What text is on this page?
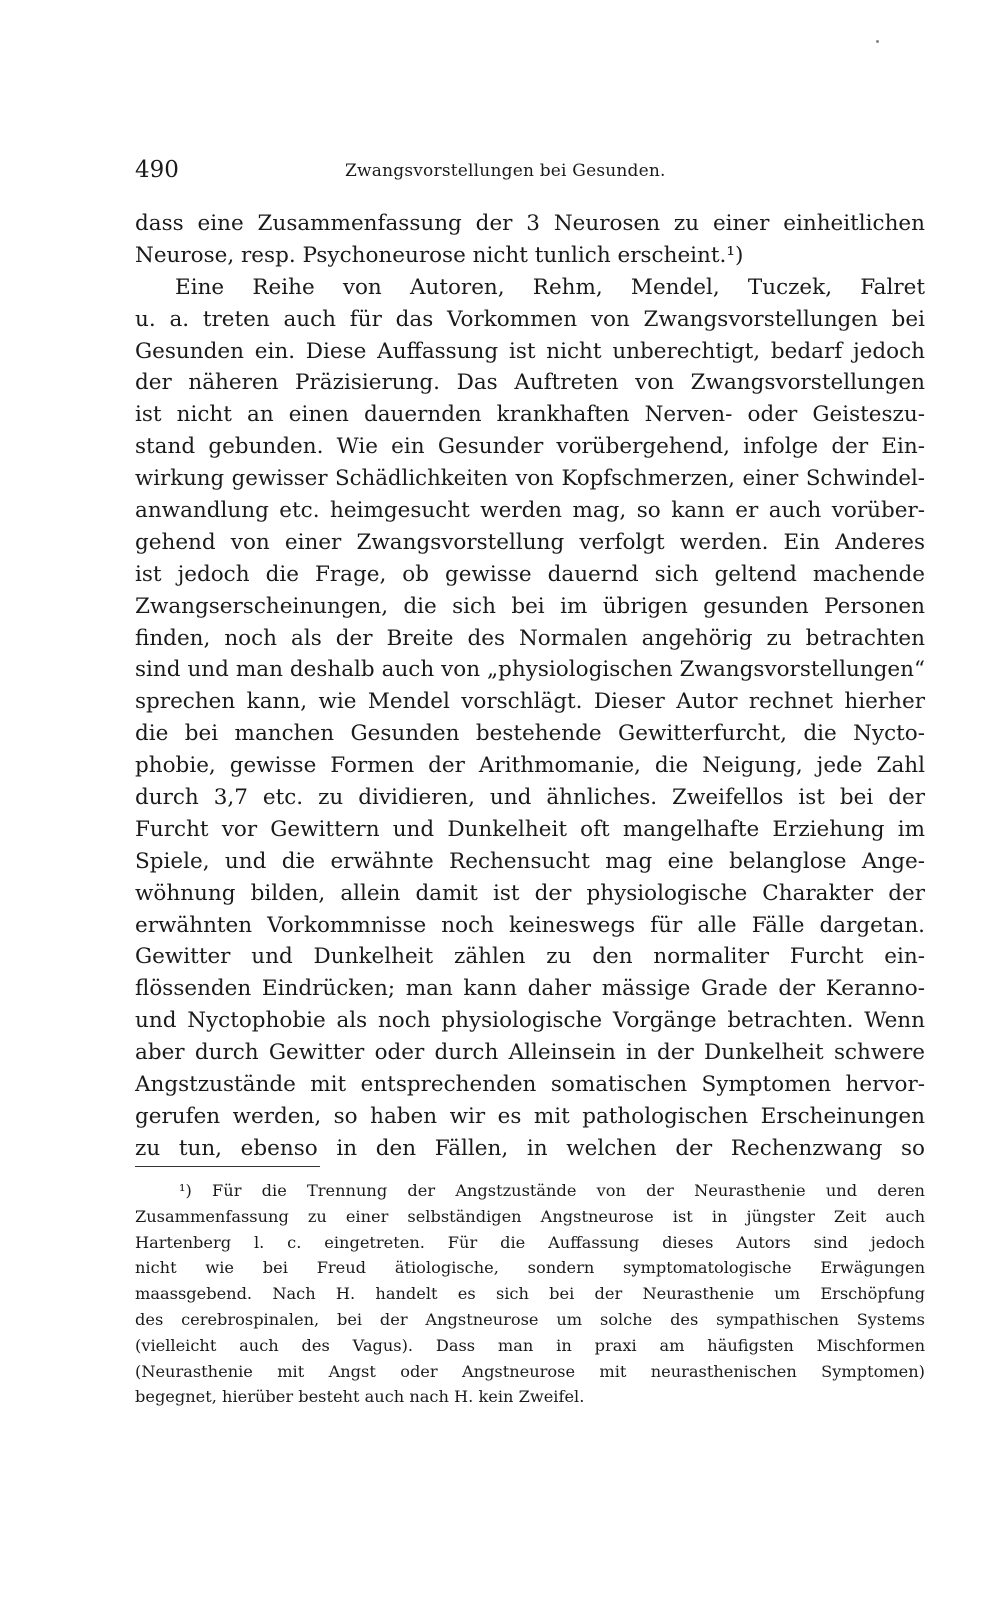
490	Zwangsvorstellungen bei Gesunden.
dass eine Zusammenfassung der 3 Neurosen zu einer einheitlichen
Neurose, resp. Psychoneurose nicht tunlich erscheint.¹)
Eine Reihe von Autoren, Rehm, Mendel, Tuczek, Falret
u. a. treten auch für das Vorkommen von Zwangsvorstellungen bei
Gesunden ein. Diese Auffassung ist nicht unberechtigt, bedarf jedoch
der näheren Präzisierung. Das Auftreten von Zwangsvorstellungen
ist nicht an einen dauernden krankhaften Nerven- oder Geisteszu-
stand gebunden. Wie ein Gesunder vorübergehend, infolge der Ein-
wirkung gewisser Schädlichkeiten von Kopfschmerzen, einer Schwindel-
anwandlung etc. heimgesucht werden mag, so kann er auch vorüber-
gehend von einer Zwangsvorstellung verfolgt werden. Ein Anderes
ist jedoch die Frage, ob gewisse dauernd sich geltend machende
Zwangserscheinungen, die sich bei im übrigen gesunden Personen
finden, noch als der Breite des Normalen angehörig zu betrachten
sind und man deshalb auch von „physiologischen Zwangsvorstellungen“
sprechen kann, wie Mendel vorschlägt. Dieser Autor rechnet hierher
die bei manchen Gesunden bestehende Gewitterfurcht, die Nycto-
phobie, gewisse Formen der Arithmomanie, die Neigung, jede Zahl
durch 3,7 etc. zu dividieren, und ähnliches. Zweifellos ist bei der
Furcht vor Gewittern und Dunkelheit oft mangelhafte Erziehung im
Spiele, und die erwähnte Rechensucht mag eine belanglose Ange-
wöhnung bilden, allein damit ist der physiologische Charakter der
erwähnten Vorkommnisse noch keineswegs für alle Fälle dargetan.
Gewitter und Dunkelheit zählen zu den normaliter Furcht ein-
flössenden Eindrücken; man kann daher mässige Grade der Keranno-
und Nyctophobie als noch physiologische Vorgänge betrachten. Wenn
aber durch Gewitter oder durch Alleinsein in der Dunkelheit schwere
Angstzustände mit entsprechenden somatischen Symptomen hervor-
gerufen werden, so haben wir es mit pathologischen Erscheinungen
zu tun, ebenso in den Fällen, in welchen der Rechenzwang so
¹) Für die Trennung der Angstzustände von der Neurasthenie und deren
Zusammenfassung zu einer selbständigen Angstneurose ist in jüngster Zeit auch
Hartenberg l. c. eingetreten. Für die Auffassung dieses Autors sind jedoch
nicht wie bei Freud ätiologische, sondern symptomatologische Erwägungen
maassgebend. Nach H. handelt es sich bei der Neurasthenie um Erschöpfung
des cerebrospinalen, bei der Angstneurose um solche des sympathischen Systems
(vielleicht auch des Vagus). Dass man in praxi am häufigsten Mischformen
(Neurasthenie mit Angst oder Angstneurose mit neurasthenischen Symptomen)
begegnet, hierüber besteht auch nach H. kein Zweifel.
